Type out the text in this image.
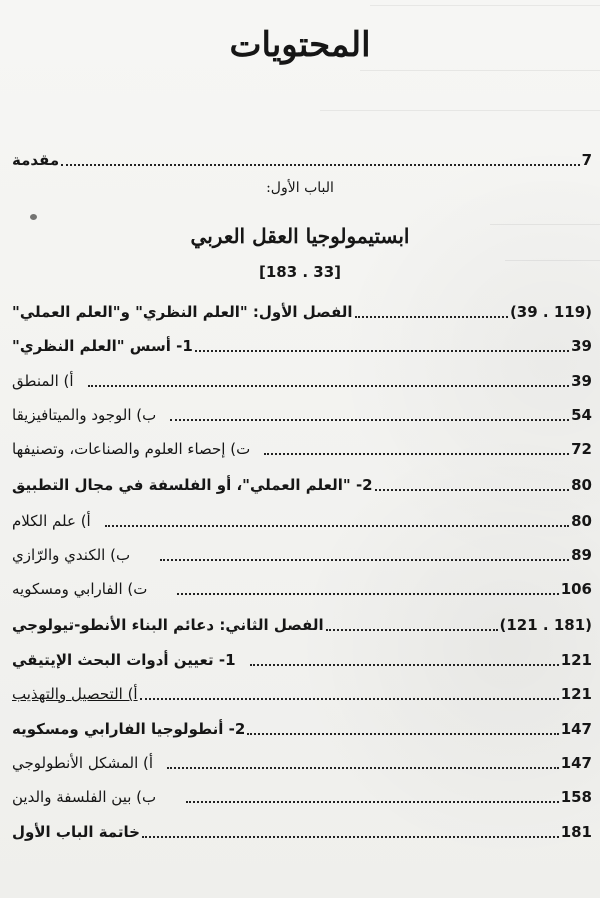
المحتويات
مقدمة	7
الباب الأول:
ابستيمولوجيا العقل العربي
[183 . 33]
الفصل الأول: "العلم النظري" و"العلم العملي"	(39 . 119)
1- أسس "العلم النظري"	39
أ) المنطق	39
ب) الوجود والميتافيزيقا	54
ت) إحصاء العلوم والصناعات، وتصنيفها	72
2- "العلم العملي"، أو الفلسفة في مجال التطبيق	80
أ) علم الكلام	80
ب) الكندي والرّازي	89
ت) الفارابي ومسكويه	106
الفصل الثاني: دعائم البناء الأنطو-تيولوجي	(121 . 181)
1- تعيين أدوات البحث الإيتيقي	121
أ) التحصيل والتهذيب	121
2- أنطولوجيا الفارابي ومسكويه	147
أ) المشكل الأنطولوجي	147
ب) بين الفلسفة والدين	158
خاتمة الباب الأول	181
